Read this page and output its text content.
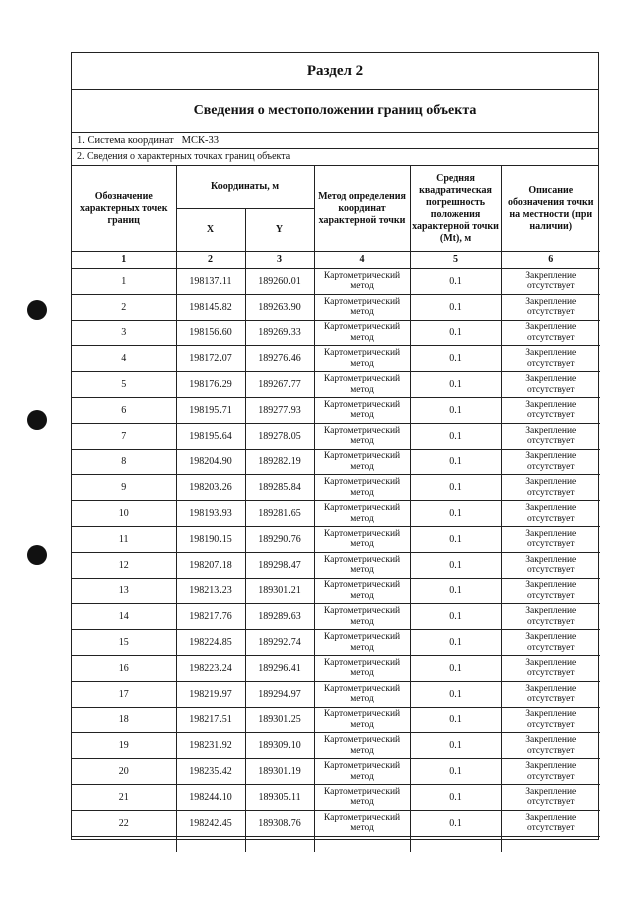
Раздел 2
Сведения о местоположении границ объекта
1. Система координат МСК-33
2. Сведения о характерных точках границ объекта
Обозначение характерных точек границ	Координаты, м		Метод определения координат характерной точки	Средняя квадратическая погрешность положения характерной точки (Mt), м	Описание обозначения точки на местности (при наличии)
	X	Y			
1	2	3	4	5	6
1	198137.11	189260.01	Картометрический метод	0.1	Закрепление отсутствует
2	198145.82	189263.90	Картометрический метод	0.1	Закрепление отсутствует
3	198156.60	189269.33	Картометрический метод	0.1	Закрепление отсутствует
4	198172.07	189276.46	Картометрический метод	0.1	Закрепление отсутствует
5	198176.29	189267.77	Картометрический метод	0.1	Закрепление отсутствует
6	198195.71	189277.93	Картометрический метод	0.1	Закрепление отсутствует
7	198195.64	189278.05	Картометрический метод	0.1	Закрепление отсутствует
8	198204.90	189282.19	Картометрический метод	0.1	Закрепление отсутствует
9	198203.26	189285.84	Картометрический метод	0.1	Закрепление отсутствует
10	198193.93	189281.65	Картометрический метод	0.1	Закрепление отсутствует
11	198190.15	189290.76	Картометрический метод	0.1	Закрепление отсутствует
12	198207.18	189298.47	Картометрический метод	0.1	Закрепление отсутствует
13	198213.23	189301.21	Картометрический метод	0.1	Закрепление отсутствует
14	198217.76	189289.63	Картометрический метод	0.1	Закрепление отсутствует
15	198224.85	189292.74	Картометрический метод	0.1	Закрепление отсутствует
16	198223.24	189296.41	Картометрический метод	0.1	Закрепление отсутствует
17	198219.97	189294.97	Картометрический метод	0.1	Закрепление отсутствует
18	198217.51	189301.25	Картометрический метод	0.1	Закрепление отсутствует
19	198231.92	189309.10	Картометрический метод	0.1	Закрепление отсутствует
20	198235.42	189301.19	Картометрический метод	0.1	Закрепление отсутствует
21	198244.10	189305.11	Картометрический метод	0.1	Закрепление отсутствует
22	198242.45	189308.76	Картометрический метод	0.1	Закрепление отсутствует
